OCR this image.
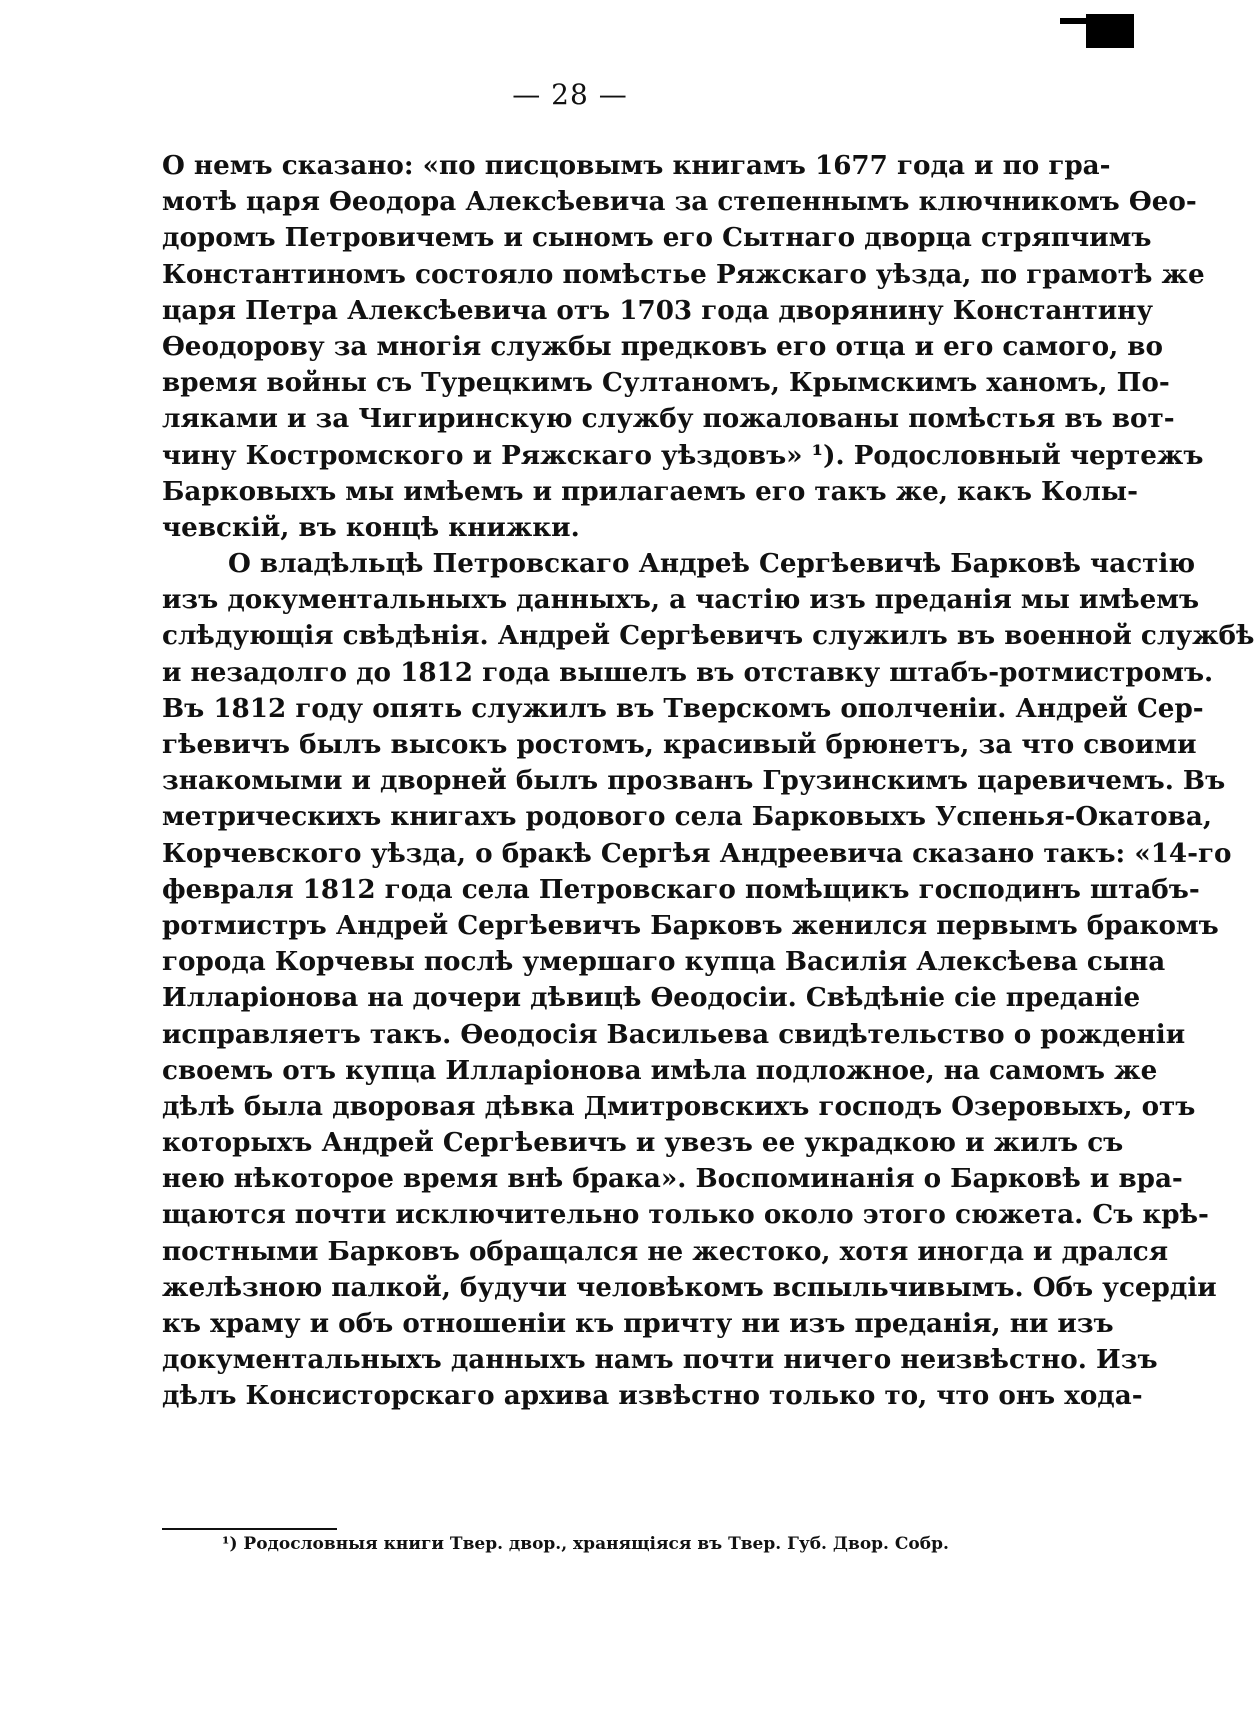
— 28 —
О немъ сказано: «по писцовымъ книгамъ 1677 года и по гра-
мотѣ царя Ѳеодора Алексѣевича за степеннымъ ключникомъ Ѳео-
доромъ Петровичемъ и сыномъ его Сытнаго дворца стряпчимъ
Константиномъ состояло помѣстье Ряжскаго уѣзда, по грамотѣ же
царя Петра Алексѣевича отъ 1703 года дворянину Константину
Ѳеодорову за многія службы предковъ его отца и его самого, во
время войны съ Турецкимъ Султаномъ, Крымскимъ ханомъ, По-
ляками и за Чигиринскую службу пожалованы помѣстья въ вот-
чину Костромского и Ряжскаго уѣздовъ» ¹). Родословный чертежъ
Барковыхъ мы имѣемъ и прилагаемъ его такъ же, какъ Колы-
чевскій, въ концѣ книжки.
О владѣльцѣ Петровскаго Андреѣ Сергѣевичѣ Барковѣ частію
изъ документальныхъ данныхъ, а частію изъ преданія мы имѣемъ
слѣдующія свѣдѣнія. Андрей Сергѣевичъ служилъ въ военной службѣ
и незадолго до 1812 года вышелъ въ отставку штабъ-ротмистромъ.
Въ 1812 году опять служилъ въ Тверскомъ ополченіи. Андрей Сер-
гѣевичъ былъ высокъ ростомъ, красивый брюнетъ, за что своими
знакомыми и дворней былъ прозванъ Грузинскимъ царевичемъ. Въ
метрическихъ книгахъ родового села Барковыхъ Успенья-Окатова,
Корчевского уѣзда, о бракѣ Сергѣя Андреевича сказано такъ: «14-го
февраля 1812 года села Петровскаго помѣщикъ господинъ штабъ-
ротмистръ Андрей Сергѣевичъ Барковъ женился первымъ бракомъ
города Корчевы послѣ умершаго купца Василія Алексѣева сына
Илларіонова на дочери дѣвицѣ Ѳеодосіи. Свѣдѣніе сіе преданіе
исправляетъ такъ. Ѳеодосія Васильева свидѣтельство о рожденіи
своемъ отъ купца Илларіонова имѣла подложное, на самомъ же
дѣлѣ была дворовая дѣвка Дмитровскихъ господъ Озеровыхъ, отъ
которыхъ Андрей Сергѣевичъ и увезъ ее украдкою и жилъ съ
нею нѣкоторое время внѣ брака». Воспоминанія о Барковѣ и вра-
щаются почти исключительно только около этого сюжета. Съ крѣ-
постными Барковъ обращался не жестоко, хотя иногда и дрался
желѣзною палкой, будучи человѣкомъ вспыльчивымъ. Объ усердіи
къ храму и объ отношеніи къ причту ни изъ преданія, ни изъ
документальныхъ данныхъ намъ почти ничего неизвѣстно. Изъ
дѣлъ Консисторскаго архива извѣстно только то, что онъ хода-
¹) Родословныя книги Твер. двор., хранящіяся въ Твер. Губ. Двор. Собр.
